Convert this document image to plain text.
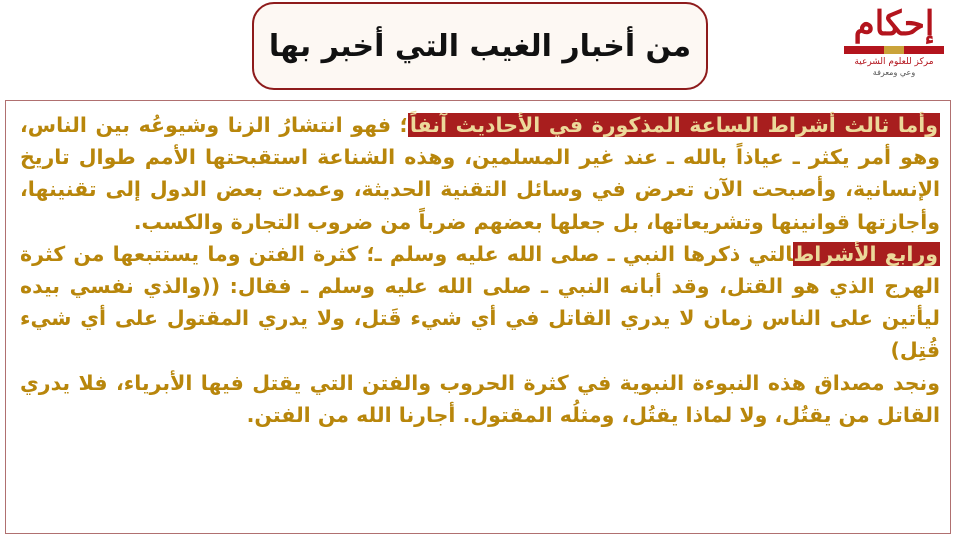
من أخبار الغيب التي أخبر بها
إحكام
مركز للعلوم الشرعية
وعي ومعرفة

وأما ثالث أشراط الساعة المذكورة في الأحاديث آنفاً؛ فهو انتشارُ الزنا وشيوعُه بين الناس، وهو أمر يكثر ـ عياذاً بالله ـ عند غير المسلمين، وهذه الشناعة استقبحتها الأمم طوال تاريخ الإنسانية، وأصبحت الآن تعرض في وسائل التقنية الحديثة، وعمدت بعض الدول إلى تقنينها، وأجازتها قوانينها وتشريعاتها، بل جعلها بعضهم ضرباً من ضروب التجارة والكسب.

ورابع الأشراطالتي ذكرها النبي ـ صلى الله عليه وسلم ـ؛ كثرة الفتن وما يستتبعها من كثرة الهرج الذي هو القتل، وقد أبانه النبي ـ صلى الله عليه وسلم ـ فقال: ((والذي نفسي بيده ليأتين على الناس زمان لا يدري القاتل في أي شيء قَتل، ولا يدري المقتول على أي شيء قُتِل)

ونجد مصداق هذه النبوءة النبوية في كثرة الحروب والفتن التي يقتل فيها الأبرياء، فلا يدري القاتل من يقتُل، ولا لماذا يقتُل، ومثلُه المقتول. أجارنا الله من الفتن.
